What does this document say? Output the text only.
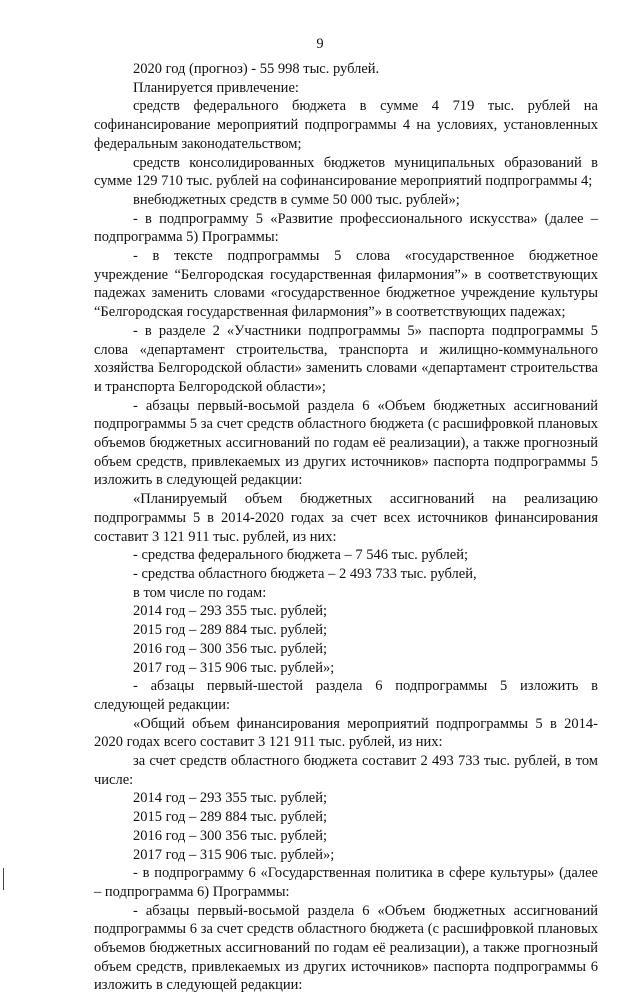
9

2020 год (прогноз) - 55 998 тыс. рублей.

Планируется привлечение:

средств федерального бюджета в сумме 4 719 тыс. рублей на софинансирование мероприятий подпрограммы 4 на условиях, установленных федеральным законодательством;

средств консолидированных бюджетов муниципальных образований в сумме 129 710 тыс. рублей на софинансирование мероприятий подпрограммы 4;

внебюджетных средств в сумме 50 000 тыс. рублей»;

- в подпрограмму 5 «Развитие профессионального искусства» (далее – подпрограмма 5) Программы:

- в тексте подпрограммы 5 слова «государственное бюджетное учреждение “Белгородская государственная филармония”» в соответствующих падежах заменить словами «государственное бюджетное учреждение культуры “Белгородская государственная филармония”» в соответствующих падежах;

- в разделе 2 «Участники подпрограммы 5» паспорта подпрограммы 5 слова «департамент строительства, транспорта и жилищно-коммунального хозяйства Белгородской области» заменить словами «департамент строительства и транспорта Белгородской области»;

- абзацы первый-восьмой раздела 6 «Объем бюджетных ассигнований подпрограммы 5 за счет средств областного бюджета (с расшифровкой плановых объемов бюджетных ассигнований по годам её реализации), а также прогнозный объем средств, привлекаемых из других источников» паспорта подпрограммы 5 изложить в следующей редакции:

«Планируемый объем бюджетных ассигнований на реализацию подпрограммы 5 в 2014-2020 годах за счет всех источников финансирования составит 3 121 911 тыс. рублей, из них:

- средства федерального бюджета – 7 546 тыс. рублей;

- средства областного бюджета – 2 493 733 тыс. рублей,

в том числе по годам:

2014 год – 293 355 тыс. рублей;

2015 год – 289 884 тыс. рублей;

2016 год – 300 356 тыс. рублей;

2017 год – 315 906 тыс. рублей»;

- абзацы первый-шестой раздела 6 подпрограммы 5 изложить в следующей редакции:

«Общий объем финансирования мероприятий подпрограммы 5 в 2014-2020 годах всего составит 3 121 911 тыс. рублей, из них:

за счет средств областного бюджета составит 2 493 733 тыс. рублей, в том числе:

2014 год – 293 355 тыс. рублей;

2015 год – 289 884 тыс. рублей;

2016 год – 300 356 тыс. рублей;

2017 год – 315 906 тыс. рублей»;

- в подпрограмму 6 «Государственная политика в сфере культуры» (далее – подпрограмма 6) Программы:

- абзацы первый-восьмой раздела 6 «Объем бюджетных ассигнований подпрограммы 6 за счет средств областного бюджета (с расшифровкой плановых объемов бюджетных ассигнований по годам её реализации), а также прогнозный объем средств, привлекаемых из других источников» паспорта подпрограммы 6 изложить в следующей редакции:
